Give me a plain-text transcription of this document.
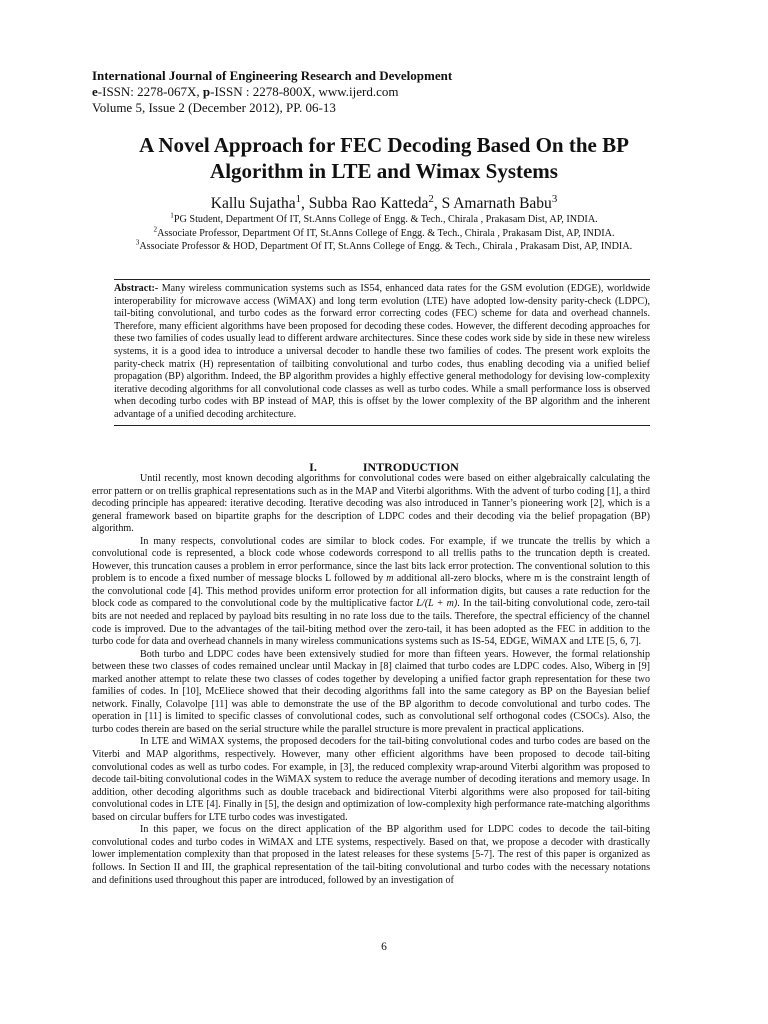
International Journal of Engineering Research and Development
e-ISSN: 2278-067X, p-ISSN : 2278-800X, www.ijerd.com
Volume 5, Issue 2 (December 2012), PP. 06-13
A Novel Approach for FEC Decoding Based On the BP
Algorithm in LTE and Wimax Systems
Kallu Sujatha$^1$, Subba Rao Katteda$^2$, S Amarnath Babu$^3$
$^1$PG Student, Department Of IT, St.Anns College of Engg. & Tech., Chirala , Prakasam Dist, AP, INDIA.
$^2$Associate Professor, Department Of IT, St.Anns College of Engg. & Tech., Chirala , Prakasam Dist, AP, INDIA.
$^3$Associate Professor & HOD, Department Of IT, St.Anns College of Engg. & Tech., Chirala , Prakasam Dist, AP, INDIA.

Abstract:- Many wireless communication systems such as IS54, enhanced data rates for the GSM evolution (EDGE), worldwide interoperability for microwave access (WiMAX) and long term evolution (LTE) have adopted low-density parity-check (LDPC), tail-biting convolutional, and turbo codes as the forward error correcting codes (FEC) scheme for data and overhead channels. Therefore, many efficient algorithms have been proposed for decoding these codes. However, the different decoding approaches for these two families of codes usually lead to different ardware architectures. Since these codes work side by side in these new wireless systems, it is a good idea to introduce a universal decoder to handle these two families of codes. The present work exploits the parity-check matrix (H) representation of tailbiting convolutional and turbo codes, thus enabling decoding via a unified belief propagation (BP) algorithm. Indeed, the BP algorithm provides a highly effective general methodology for devising low-complexity iterative decoding algorithms for all convolutional code classes as well as turbo codes. While a small performance loss is observed when decoding turbo codes with BP instead of MAP, this is offset by the lower complexity of the BP algorithm and the inherent advantage of a unified decoding architecture.

I.	INTRODUCTION

Until recently, most known decoding algorithms for convolutional codes were based on either algebraically calculating the error pattern or on trellis graphical representations such as in the MAP and Viterbi algorithms. With the advent of turbo coding [1], a third decoding principle has appeared: iterative decoding. Iterative decoding was also introduced in Tanner’s pioneering work [2], which is a general framework based on bipartite graphs for the description of LDPC codes and their decoding via the belief propagation (BP) algorithm.

In many respects, convolutional codes are similar to block codes. For example, if we truncate the trellis by which a convolutional code is represented, a block code whose codewords correspond to all trellis paths to the truncation depth is created. However, this truncation causes a problem in error performance, since the last bits lack error protection. The conventional solution to this problem is to encode a fixed number of message blocks L followed by m additional all-zero blocks, where m is the constraint length of the convolutional code [4]. This method provides uniform error protection for all information digits, but causes a rate reduction for the block code as compared to the convolutional code by the multiplicative factor L/(L + m). In the tail-biting convolutional code, zero-tail bits are not needed and replaced by payload bits resulting in no rate loss due to the tails. Therefore, the spectral efficiency of the channel code is improved. Due to the advantages of the tail-biting method over the zero-tail, it has been adopted as the FEC in addition to the turbo code for data and overhead channels in many wireless communications systems such as IS-54, EDGE, WiMAX and LTE [5, 6, 7].

Both turbo and LDPC codes have been extensively studied for more than fifteen years. However, the formal relationship between these two classes of codes remained unclear until Mackay in [8] claimed that turbo codes are LDPC codes. Also, Wiberg in [9] marked another attempt to relate these two classes of codes together by developing a unified factor graph representation for these two families of codes. In [10], McEliece showed that their decoding algorithms fall into the same category as BP on the Bayesian belief network. Finally, Colavolpe [11] was able to demonstrate the use of the BP algorithm to decode convolutional and turbo codes. The operation in [11] is limited to specific classes of convolutional codes, such as convolutional self orthogonal codes (CSOCs). Also, the turbo codes therein are based on the serial structure while the parallel structure is more prevalent in practical applications.

In LTE and WiMAX systems, the proposed decoders for the tail-biting convolutional codes and turbo codes are based on the Viterbi and MAP algorithms, respectively. However, many other efficient algorithms have been proposed to decode tail-biting convolutional codes as well as turbo codes. For example, in [3], the reduced complexity wrap-around Viterbi algorithm was proposed to decode tail-biting convolutional codes in the WiMAX system to reduce the average number of decoding iterations and memory usage. In addition, other decoding algorithms such as double traceback and bidirectional Viterbi algorithms were also proposed for tail-biting convolutional codes in LTE [4]. Finally in [5], the design and optimization of low-complexity high performance rate-matching algorithms based on circular buffers for LTE turbo codes was investigated.

In this paper, we focus on the direct application of the BP algorithm used for LDPC codes to decode the tail-biting convolutional codes and turbo codes in WiMAX and LTE systems, respectively. Based on that, we propose a decoder with drastically lower implementation complexity than that proposed in the latest releases for these systems [5-7]. The rest of this paper is organized as follows. In Section II and III, the graphical representation of the tail-biting convolutional and turbo codes with the necessary notations and definitions used throughout this paper are introduced, followed by an investigation of

6
